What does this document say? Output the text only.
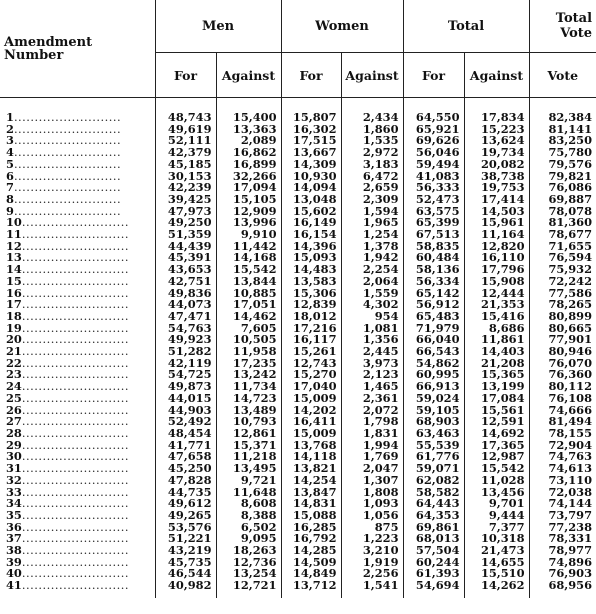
Amendment
Number	Men		Women		Total		Total
Vote

	For	Against	For	Against	For	Against	Vote

1..........................	48,743	15,400	15,807	2,434	64,550	17,834	82,384
2..........................	49,619	13,363	16,302	1,860	65,921	15,223	81,141
3..........................	52,111	2,089	17,515	1,535	69,626	13,624	83,250
4..........................	42,379	16,862	13,667	2,972	56,046	19,734	75,780
5..........................	45,185	16,899	14,309	3,183	59,494	20,082	79,576
6..........................	30,153	32,266	10,930	6,472	41,083	38,738	79,821
7..........................	42,239	17,094	14,094	2,659	56,333	19,753	76,086
8..........................	39,425	15,105	13,048	2,309	52,473	17,414	69,887
9..........................	47,973	12,909	15,602	1,594	63,575	14,503	78,078
10..........................	49,250	13,996	16,149	1,965	65,399	15,961	81,360
11..........................	51,359	9,910	16,154	1,254	67,513	11,164	78,677
12..........................	44,439	11,442	14,396	1,378	58,835	12,820	71,655
13..........................	45,391	14,168	15,093	1,942	60,484	16,110	76,594
14..........................	43,653	15,542	14,483	2,254	58,136	17,796	75,932
15..........................	42,751	13,844	13,583	2,064	56,334	15,908	72,242
16..........................	49,836	10,885	15,306	1,559	65,142	12,444	77,586
17..........................	44,073	17,051	12,839	4,302	56,912	21,353	78,265
18..........................	47,471	14,462	18,012	954	65,483	15,416	80,899
19..........................	54,763	7,605	17,216	1,081	71,979	8,686	80,665
20..........................	49,923	10,505	16,117	1,356	66,040	11,861	77,901
21..........................	51,282	11,958	15,261	2,445	66,543	14,403	80,946
22..........................	42,119	17,235	12,743	3,973	54,862	21,208	76,070
23..........................	54,725	13,242	15,270	2,123	60,995	15,365	76,360
24..........................	49,873	11,734	17,040	1,465	66,913	13,199	80,112
25..........................	44,015	14,723	15,009	2,361	59,024	17,084	76,108
26..........................	44,903	13,489	14,202	2,072	59,105	15,561	74,666
27..........................	52,492	10,793	16,411	1,798	68,903	12,591	81,494
28..........................	48,454	12,861	15,009	1,831	63,463	14,692	78,155
29..........................	41,771	15,371	13,768	1,994	55,539	17,365	72,904
30..........................	47,658	11,218	14,118	1,769	61,776	12,987	74,763
31..........................	45,250	13,495	13,821	2,047	59,071	15,542	74,613
32..........................	47,828	9,721	14,254	1,307	62,082	11,028	73,110
33..........................	44,735	11,648	13,847	1,808	58,582	13,456	72,038
34..........................	49,612	8,608	14,831	1,093	64,443	9,701	74,144
35..........................	49,265	8,388	15,088	1,056	64,353	9,444	73,797
36..........................	53,576	6,502	16,285	875	69,861	7,377	77,238
37..........................	51,221	9,095	16,792	1,223	68,013	10,318	78,331
38..........................	43,219	18,263	14,285	3,210	57,504	21,473	78,977
39..........................	45,735	12,736	14,509	1,919	60,244	14,655	74,896
40..........................	46,544	13,254	14,849	2,256	61,393	15,510	76,903
41..........................	40,982	12,721	13,712	1,541	54,694	14,262	68,956
